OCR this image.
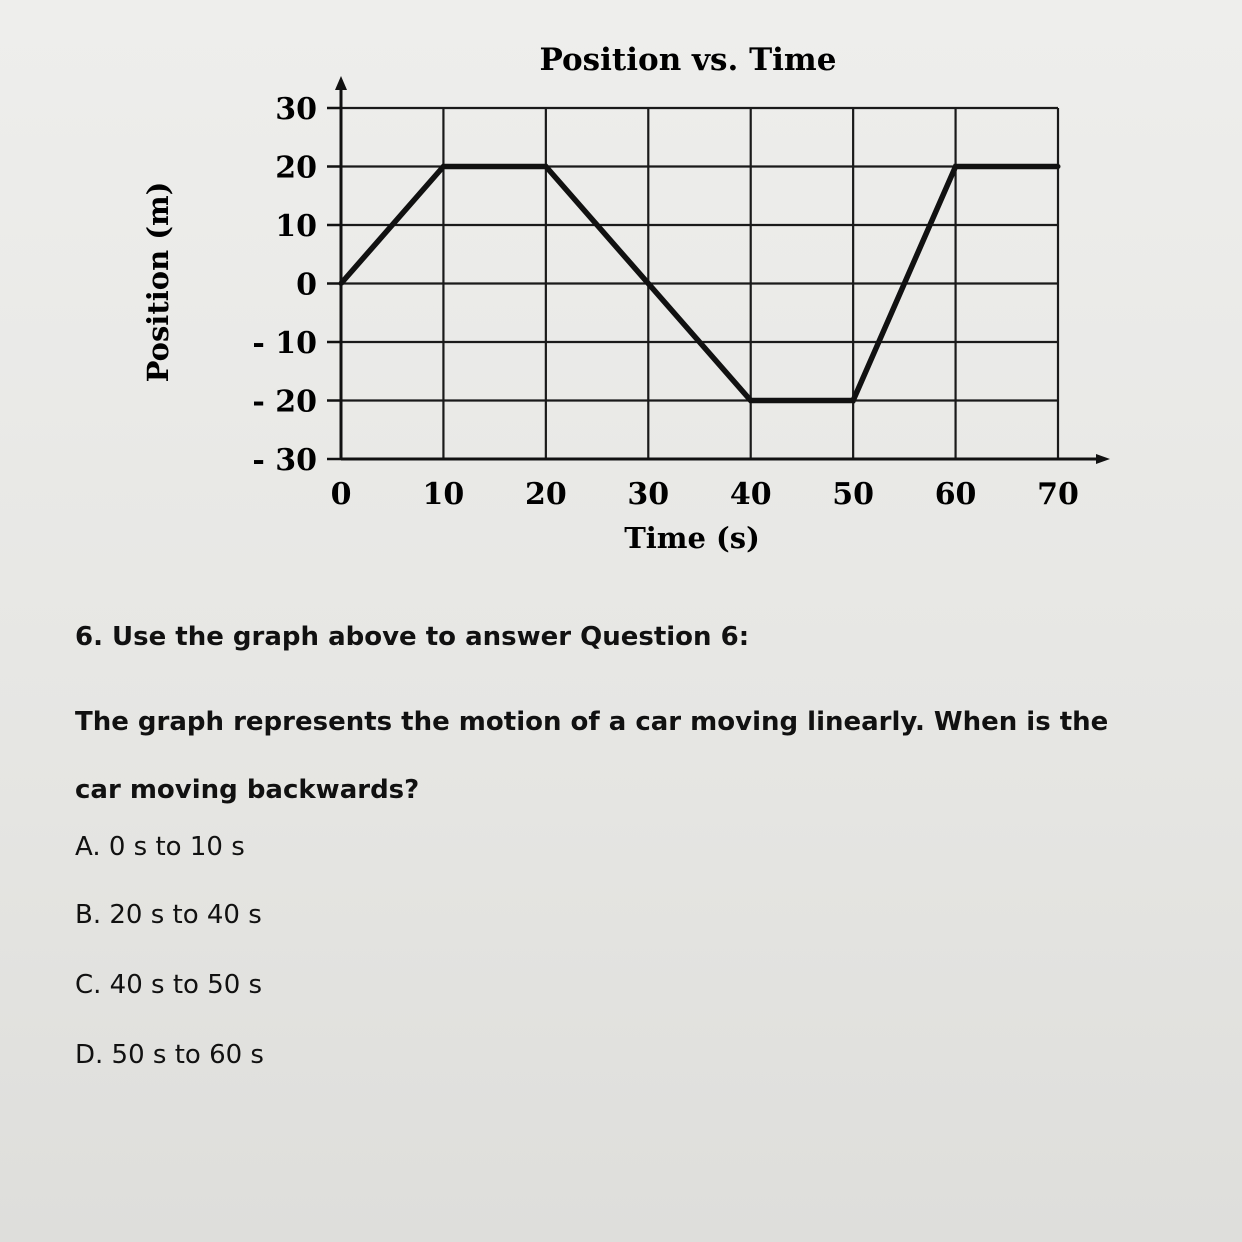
Position vs. Time
30
20
10
0
- 10
- 20
- 30
0 10 20 30 40 50 60 70
Time (s)
Position (m)
6. Use the graph above to answer Question 6:
The graph represents the motion of a car moving linearly. When is the car moving backwards?
A. 0 s to 10 s
B. 20 s to 40 s
C. 40 s to 50 s
D. 50 s to 60 s
